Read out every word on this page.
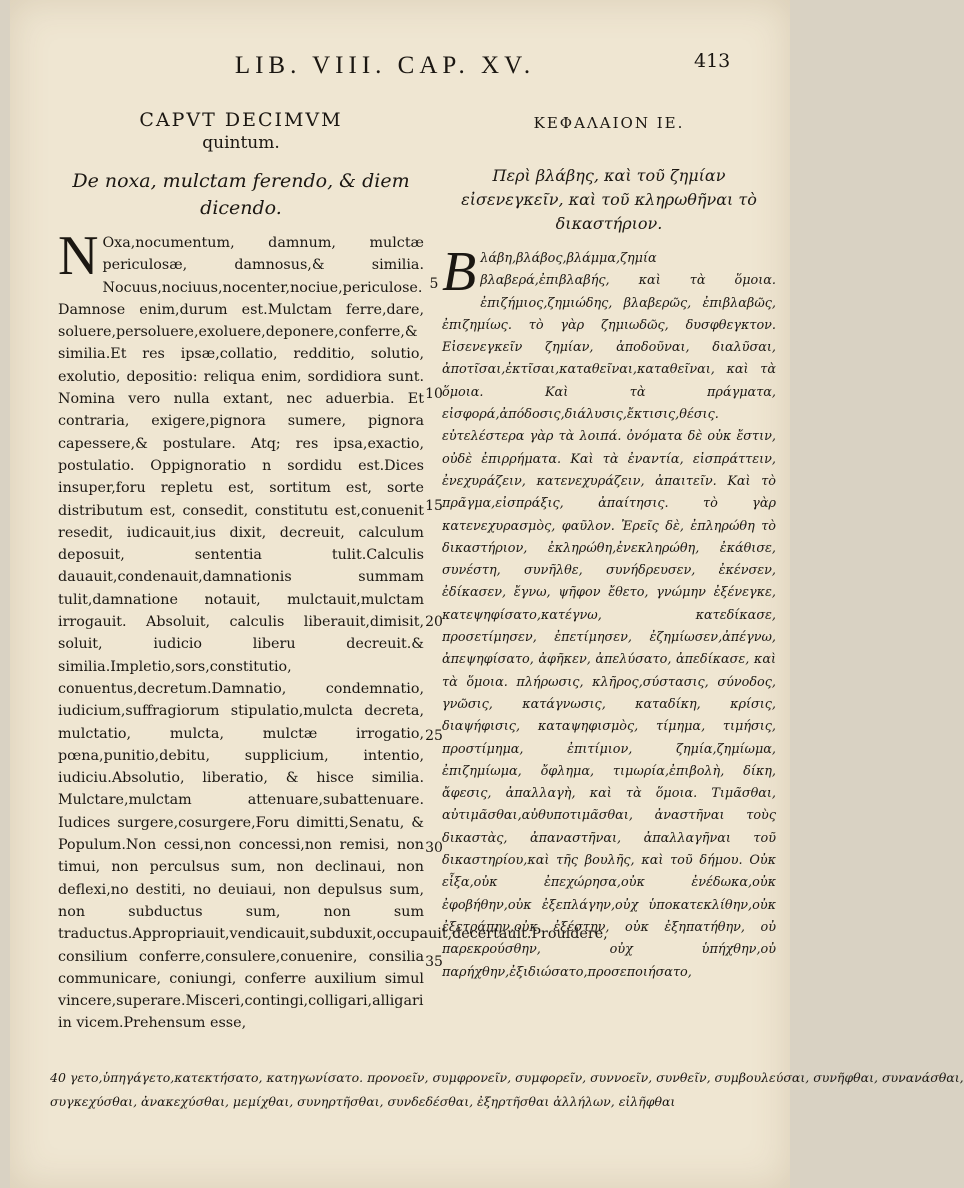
LIB. VIII. CAP. XV.	413
CAPVT DECIMVM
quintum.
De noxa, mulctam ferendo, & diem dicendo.
N Oxa,nocumentum, damnum, mulctæ periculosæ, damnosus,& similia. Nocuus,nociuus,nocenter,nociue,periculose. Damnose enim,durum est.Mulctam ferre,dare, soluere,persoluere,exoluere,deponere,conferre,& similia.Et res ipsæ,collatio, redditio, solutio, exolutio, depositio: reliqua enim, sordidiora sunt. Nomina vero nulla extant, nec aduerbia. Et contraria, exigere,pignora sumere, pignora capessere,& postulare. Atq; res ipsa,exactio, postulatio. Oppignoratio n sordidu est.Dices insuper,foru repletu est, sortitum est, sorte distributum est, consedit, constitutu est,conuenit resedit, iudicauit,ius dixit, decreuit, calculum deposuit, sententia tulit.Calculis dauauit,condenauit,damnationis summam tulit,damnatione notauit, mulctauit,mulctam irrogauit. Absoluit, calculis liberauit,dimisit, soluit, iudicio liberu decreuit.& similia.Impletio,sors,constitutio, conuentus,decretum.Damnatio, condemnatio, iudicium,suffragiorum stipulatio,mulcta decreta, mulctatio, mulcta, mulctæ irrogatio, pœna,punitio,debitu, supplicium, intentio, iudiciu.Absolutio, liberatio, & hisce similia. Mulctare,mulctam attenuare,subattenuare. Iudices surgere,cosurgere,Foru dimitti,Senatu, & Populum.Non cessi,non concessi,non remisi, non timui, non perculsus sum, non declinaui, non deflexi,no destiti, no deuiaui, non depulsus sum, non subductus sum, non sum traductus.Appropriauit,vendicauit,subduxit,occupauit,decertauit.Prouidere, consilium conferre,consulere,conuenire, consilia communicare, coniungi, conferre auxilium simul vincere,superare.Misceri,contingi,colligari,alligari in vicem.Prehensum esse,
ΚΕΦΑΛΑΙΟΝ ΙΕ.
Περὶ βλάβης, καὶ τοῦ ζημίαν εἰσενεγκεῖν, καὶ τοῦ κληρωθῆναι τὸ δικαστήριον.
Β λάβη,βλάβος,βλάμμα,ζημία βλαβερά,ἐπιβλαβής, καὶ τὰ ὅμοια. ἐπιζήμιος,ζημιώδης, βλαβερῶς, ἐπιβλαβῶς, ἐπιζημίως. τὸ γὰρ ζημιωδῶς, δυσφθεγκτον. Εἰσενεγκεῖν ζημίαν, ἀποδοῦναι, διαλῦσαι, ἀποτῖσαι,ἐκτῖσαι,καταθεῖναι,καταθεῖναι, καὶ τὰ ὅμοια. Καὶ τὰ πράγματα, εἰσφορά,ἀπόδοσις,διάλυσις,ἔκτισις,θέσις. εὐτελέστερα γὰρ τὰ λοιπά. ὀνόματα δὲ οὐκ ἔστιν, οὐδὲ ἐπιρρήματα. Καὶ τὰ ἐναντία, εἰσπράττειν, ἐνεχυράζειν, κατενεχυράζειν, ἀπαιτεῖν. Καὶ τὸ πρᾶγμα,εἰσπράξις, ἀπαίτησις. τὸ γὰρ κατενεχυρασμὸς, φαῦλον. Ἐρεῖς δὲ, ἐπληρώθη τὸ δικαστήριον, ἐκληρώθη,ἐνεκληρώθη, ἐκάθισε, συνέστη, συνῆλθε, συνήδρευσεν, ἐκένσεν, ἐδίκασεν, ἔγνω, ψῆφον ἔθετο, γνώμην ἐξένεγκε, κατεψηφίσατο,κατέγνω, κατεδίκασε, προσετίμησεν, ἐπετίμησεν, ἐζημίωσεν,ἀπέγνω, ἀπεψηφίσατο, ἀφῆκεν, ἀπελύσατο, ἀπεδίκασε, καὶ τὰ ὅμοια. πλήρωσις, κλῆρος,σύστασις, σύνοδος, γνῶσις, κατάγνωσις, καταδίκη, κρίσις, διαψήφισις, καταψηφισμὸς, τίμημα, τιμήσις, προστίμημα, ἐπιτίμιον, ζημία,ζημίωμα, ἐπιζημίωμα, ὄφλημα, τιμωρία,ἐπιβολὴ, δίκη, ἄφεσις, ἀπαλλαγὴ, καὶ τὰ ὅμοια. Τιμᾶσθαι, αὐτιμᾶσθαι,αὐθυποτιμᾶσθαι, ἀναστῆναι τοὺς δικαστὰς, ἀπαναστῆναι, ἀπαλλαγῆναι τοῦ δικαστηρίου,καὶ τῆς βουλῆς, καὶ τοῦ δήμου. Οὐκ εἶξα,οὐκ ἐπεχώρησα,οὐκ ἐνέδωκα,οὐκ ἐφοβήθην,οὐκ ἐξεπλάγην,οὐχ ὑποκατεκλίθην,οὐκ ἐξετράπην,οὐκ ἐξέστην, οὐκ ἐξηπατήθην, οὐ παρεκρούσθην, οὐχ ὑπήχθην,οὐ παρήχθην,ἐξιδιώσατο,προσεποιήσατο,
5
10
15
20
25
30
35
40 γετο,ὑπηγάγετο,κατεκτήσατο, κατηγωνίσατο. προνοεῖν, συμφρονεῖν, συμφορεῖν, συννοεῖν, συνθεῖν, συμβουλεύσαι, συνῆφθαι, συνανάσθαι,
συγκεχύσθαι, ἀνακεχύσθαι, μεμίχθαι, συνηρτῆσθαι, συνδεδέσθαι, ἐξηρτῆσθαι ἀλλήλων, εἰλῆφθαι
